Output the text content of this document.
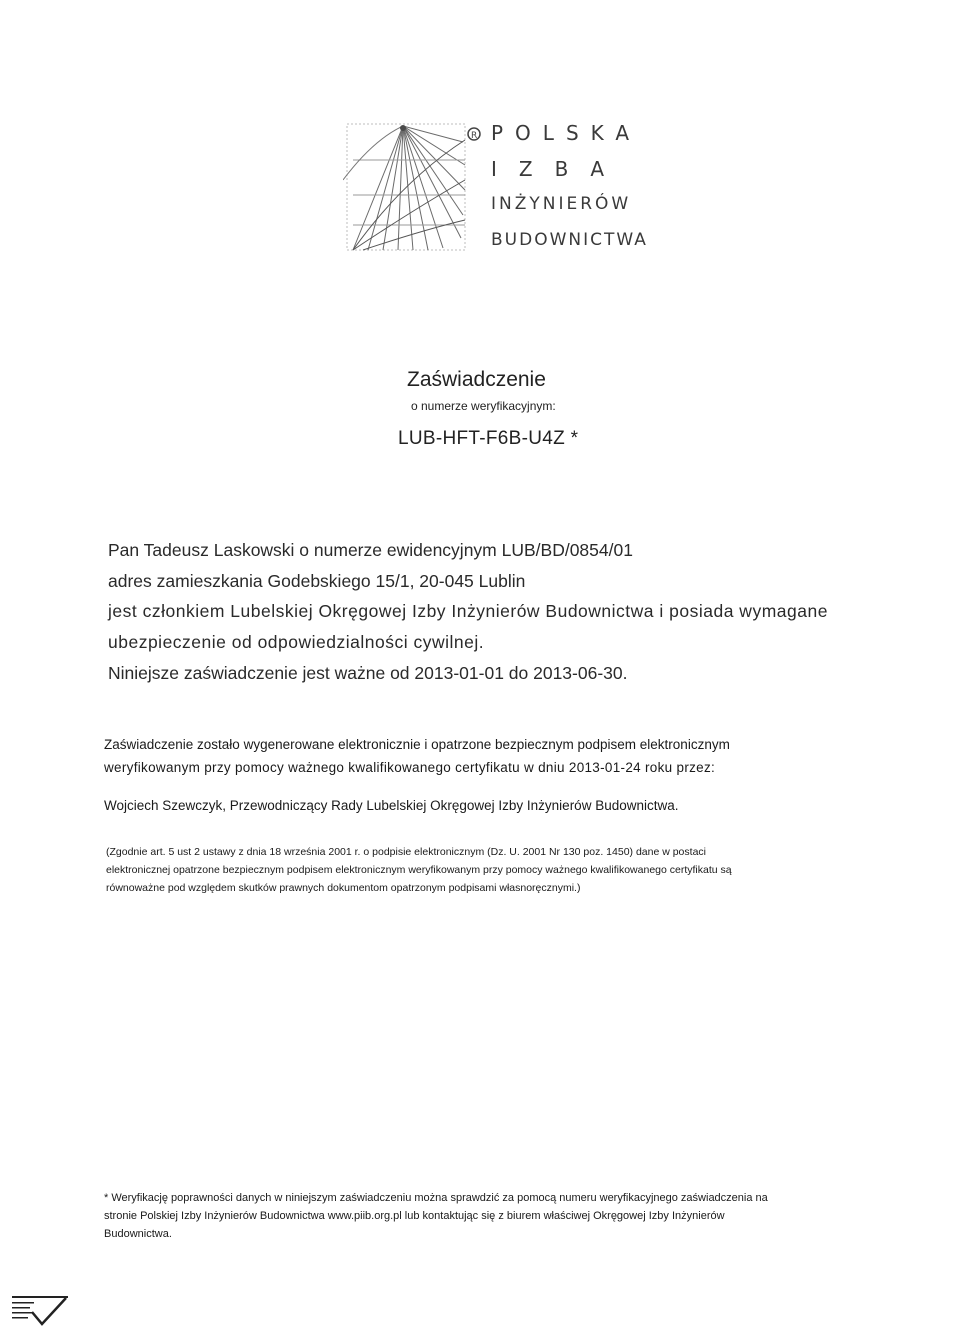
R POLSKA
IZBA
INŻYNIERÓW
BUDOWNICTWA
Zaświadczenie
o numerze weryfikacyjnym:
LUB-HFT-F6B-U4Z *
Pan Tadeusz Laskowski o numerze ewidencyjnym LUB/BD/0854/01
adres zamieszkania Godebskiego 15/1, 20-045 Lublin
jest członkiem Lubelskiej Okręgowej Izby Inżynierów Budownictwa i posiada wymagane
ubezpieczenie od odpowiedzialności cywilnej.
Niniejsze zaświadczenie jest ważne od 2013-01-01 do 2013-06-30.
Zaświadczenie zostało wygenerowane elektronicznie i opatrzone bezpiecznym podpisem elektronicznym
weryfikowanym przy pomocy ważnego kwalifikowanego certyfikatu w dniu 2013-01-24 roku przez:
Wojciech Szewczyk, Przewodniczący Rady Lubelskiej Okręgowej Izby Inżynierów Budownictwa.
(Zgodnie art. 5 ust 2 ustawy z dnia 18 września 2001 r. o podpisie elektronicznym (Dz. U. 2001 Nr 130 poz. 1450) dane w postaci
elektronicznej opatrzone bezpiecznym podpisem elektronicznym weryfikowanym przy pomocy ważnego kwalifikowanego certyfikatu są
równoważne pod względem skutków prawnych dokumentom opatrzonym podpisami własnoręcznymi.)
* Weryfikację poprawności danych w niniejszym zaświadczeniu można sprawdzić za pomocą numeru weryfikacyjnego zaświadczenia na
stronie Polskiej Izby Inżynierów Budownictwa www.piib.org.pl lub kontaktując się z biurem właściwej Okręgowej Izby Inżynierów
Budownictwa.
